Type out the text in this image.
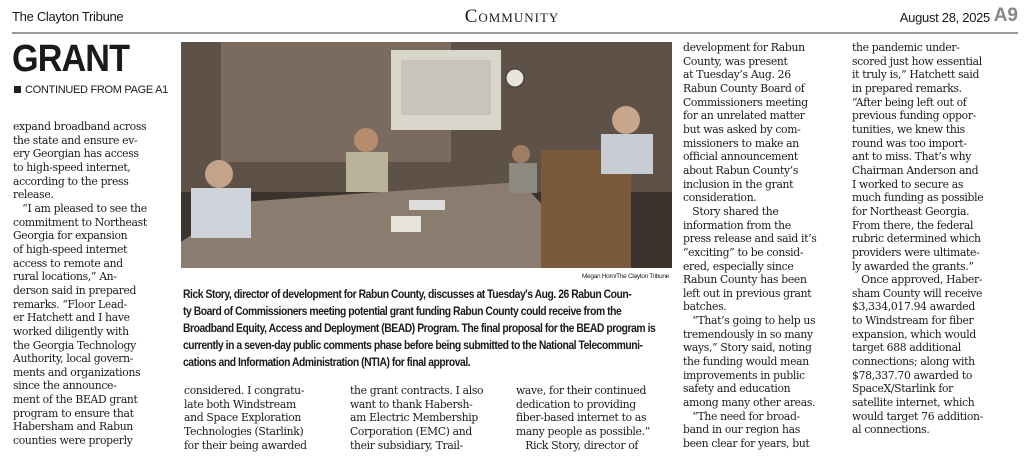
The Clayton Tribune	Community	August 28, 2025 A9
GRANT
CONTINUED FROM PAGE A1
expand broadband across
the state and ensure ev-
ery Georgian has access
to high-speed internet,
according to the press
release.
“I am pleased to see the
commitment to Northeast
Georgia for expansion
of high-speed internet
access to remote and
rural locations,” An-
derson said in prepared
remarks. “Floor Lead-
er Hatchett and I have
worked diligently with
the Georgia Technology
Authority, local govern-
ments and organizations
since the announce-
ment of the BEAD grant
program to ensure that
Habersham and Rabun
counties were properly
Megan Horn/The Clayton Tribune
Rick Story, director of development for Rabun County, discusses at Tuesday's Aug. 26 Rabun Coun-
ty Board of Commissioners meeting potential grant funding Rabun County could receive from the
Broadband Equity, Access and Deployment (BEAD) Program. The final proposal for the BEAD program is
currently in a seven-day public comments phase before being submitted to the National Telecommuni-
cations and Information Administration (NTIA) for final approval.
considered. I congratu-
late both Windstream
and Space Exploration
Technologies (Starlink)
for their being awarded
the grant contracts. I also
want to thank Habersh-
am Electric Membership
Corporation (EMC) and
their subsidiary, Trail-
wave, for their continued
dedication to providing
fiber-based internet to as
many people as possible.”
Rick Story, director of
development for Rabun
County, was present
at Tuesday’s Aug. 26
Rabun County Board of
Commissioners meeting
for an unrelated matter
but was asked by com-
missioners to make an
official announcement
about Rabun County’s
inclusion in the grant
consideration.
Story shared the
information from the
press release and said it’s
“exciting” to be consid-
ered, especially since
Rabun County has been
left out in previous grant
batches.
“That’s going to help us
tremendously in so many
ways,” Story said, noting
the funding would mean
improvements in public
safety and education
among many other areas.
“The need for broad-
band in our region has
been clear for years, but
the pandemic under-
scored just how essential
it truly is,” Hatchett said
in prepared remarks.
“After being left out of
previous funding oppor-
tunities, we knew this
round was too import-
ant to miss. That’s why
Chairman Anderson and
I worked to secure as
much funding as possible
for Northeast Georgia.
From there, the federal
rubric determined which
providers were ultimate-
ly awarded the grants.”
Once approved, Haber-
sham County will receive
$3,334,017.94 awarded
to Windstream for fiber
expansion, which would
target 688 additional
connections; along with
$78,337.70 awarded to
SpaceX/Starlink for
satellite internet, which
would target 76 addition-
al connections.
